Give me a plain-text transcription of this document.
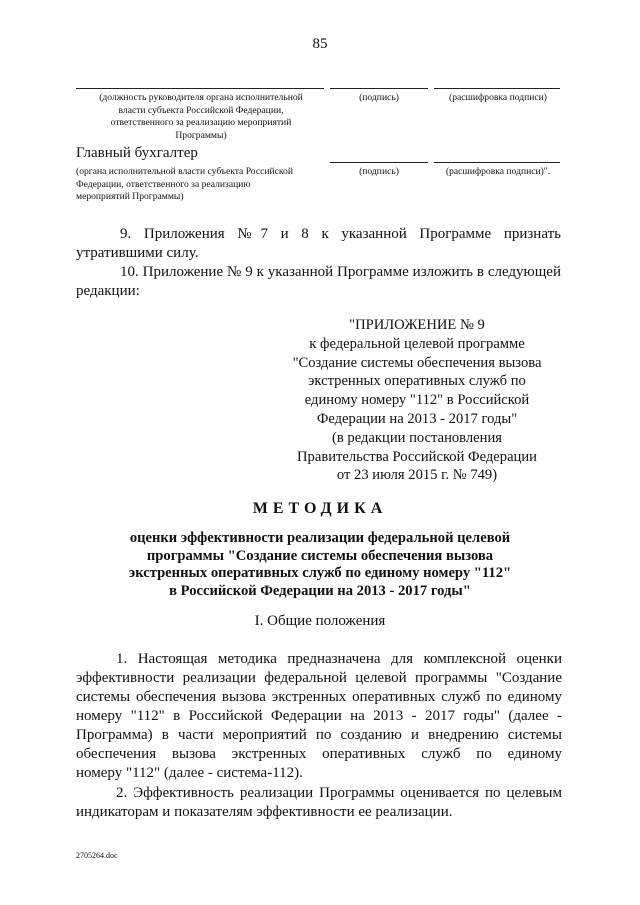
85
(должность руководителя органа исполнительной
власти субъекта Российской Федерации,
ответственного за реализацию мероприятий
Программы)
(подпись)	(расшифровка подписи)
Главный бухгалтер
(органа исполнительной власти субъекта Российской
Федерации, ответственного за реализацию
мероприятий Программы)
(подпись)	(расшифровка подписи)".
9. Приложения №7 и 8 к указанной Программе признать
утратившими силу.
10. Приложение № 9 к указанной Программе изложить в следующей
редакции:
"ПРИЛОЖЕНИЕ № 9
к федеральной целевой программе
"Создание системы обеспечения вызова
экстренных оперативных служб по
единому номеру "112" в Российской
Федерации на 2013 - 2017 годы"
(в редакции постановления
Правительства Российской Федерации
от 23 июля 2015 г. № 749)
МЕТОДИКА
оценки эффективности реализации федеральной целевой
программы "Создание системы обеспечения вызова
экстренных оперативных служб по единому номеру "112"
в Российской Федерации на 2013 - 2017 годы"
I. Общие положения
1. Настоящая методика предназначена для комплексной оценки
эффективности реализации федеральной целевой программы "Создание
системы обеспечения вызова экстренных оперативных служб по единому
номеру "112" в Российской Федерации на 2013 - 2017 годы" (далее -
Программа) в части мероприятий по созданию и внедрению системы
обеспечения вызова экстренных оперативных служб по единому
номеру "112" (далее - система-112).
2. Эффективность реализации Программы оценивается по целевым
индикаторам и показателям эффективности ее реализации.
2705264.doc
